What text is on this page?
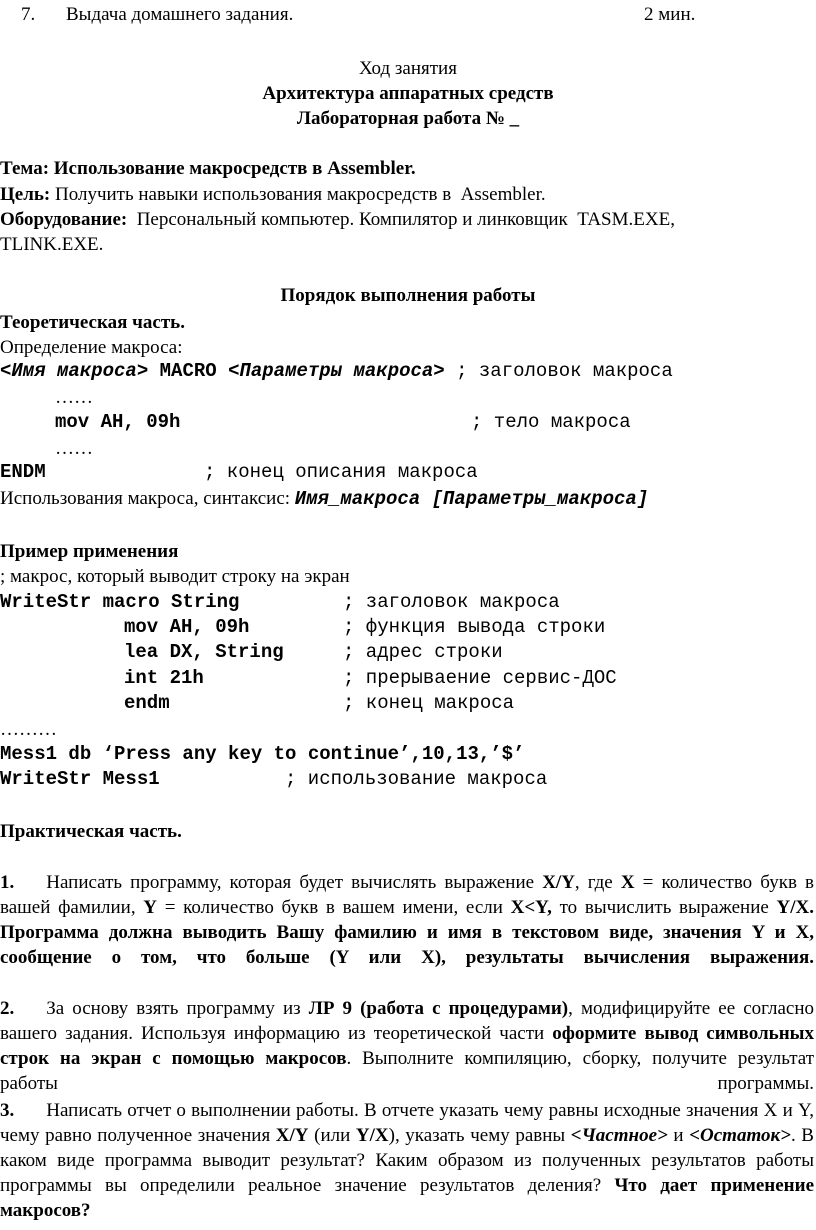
7. Выдача домашнего задания.	2 мин.
Ход занятия
Архитектура аппаратных средств
Лабораторная работа № _
Тема: Использование макросредств в Assembler.
Цель: Получить навыки использования макросредств в  Assembler.
Оборудование:  Персональный компьютер. Компилятор и линковщик  TASM.EXE,
TLINK.EXE.
Порядок выполнения работы
Теоретическая часть.
Определение макроса:
<Имя макроса> MACRO <Параметры макроса> ; заголовок макроса
……
mov AH, 09h	; тело макроса
……
ENDM	; конец описания макроса
Использования макроса, синтаксис: Имя_макроса [Параметры_макроса]
Пример применения
; макрос, который выводит строку на экран
WriteStr macro String	; заголовок макроса
mov AH, 09h	; функция вывода строки
lea DX, String	; адрес строки
int 21h	; прерываение сервис-ДОС
endm	; конец макроса
………
Mess1 db ‘Press any key to continue’,10,13,’$’
WriteStr Mess1	; использование макроса
Практическая часть.
1. Написать программу, которая будет вычислять выражение X/Y, где X = количество букв в вашей фамилии, Y = количество букв в вашем имени, если X<Y, то вычислить выражение Y/X. Программа должна выводить Вашу фамилию и имя в текстовом виде, значения Y и X, сообщение о том, что больше (Y или X), результаты вычисления выражения.
2. За основу взять программу из ЛР 9 (работа с процедурами), модифицируйте ее согласно вашего задания. Используя информацию из теоретической части оформите вывод символьных строк на экран с помощью макросов. Выполните компиляцию, сборку, получите результат работы программы.
3. Написать отчет о выполнении работы. В отчете указать чему равны исходные значения X и Y, чему равно полученное значения X/Y (или Y/X), указать чему равны <Частное> и <Остаток>. В каком виде программа выводит результат? Каким образом из полученных результатов работы программы вы определили реальное значение результатов деления? Что дает применение макросов?
